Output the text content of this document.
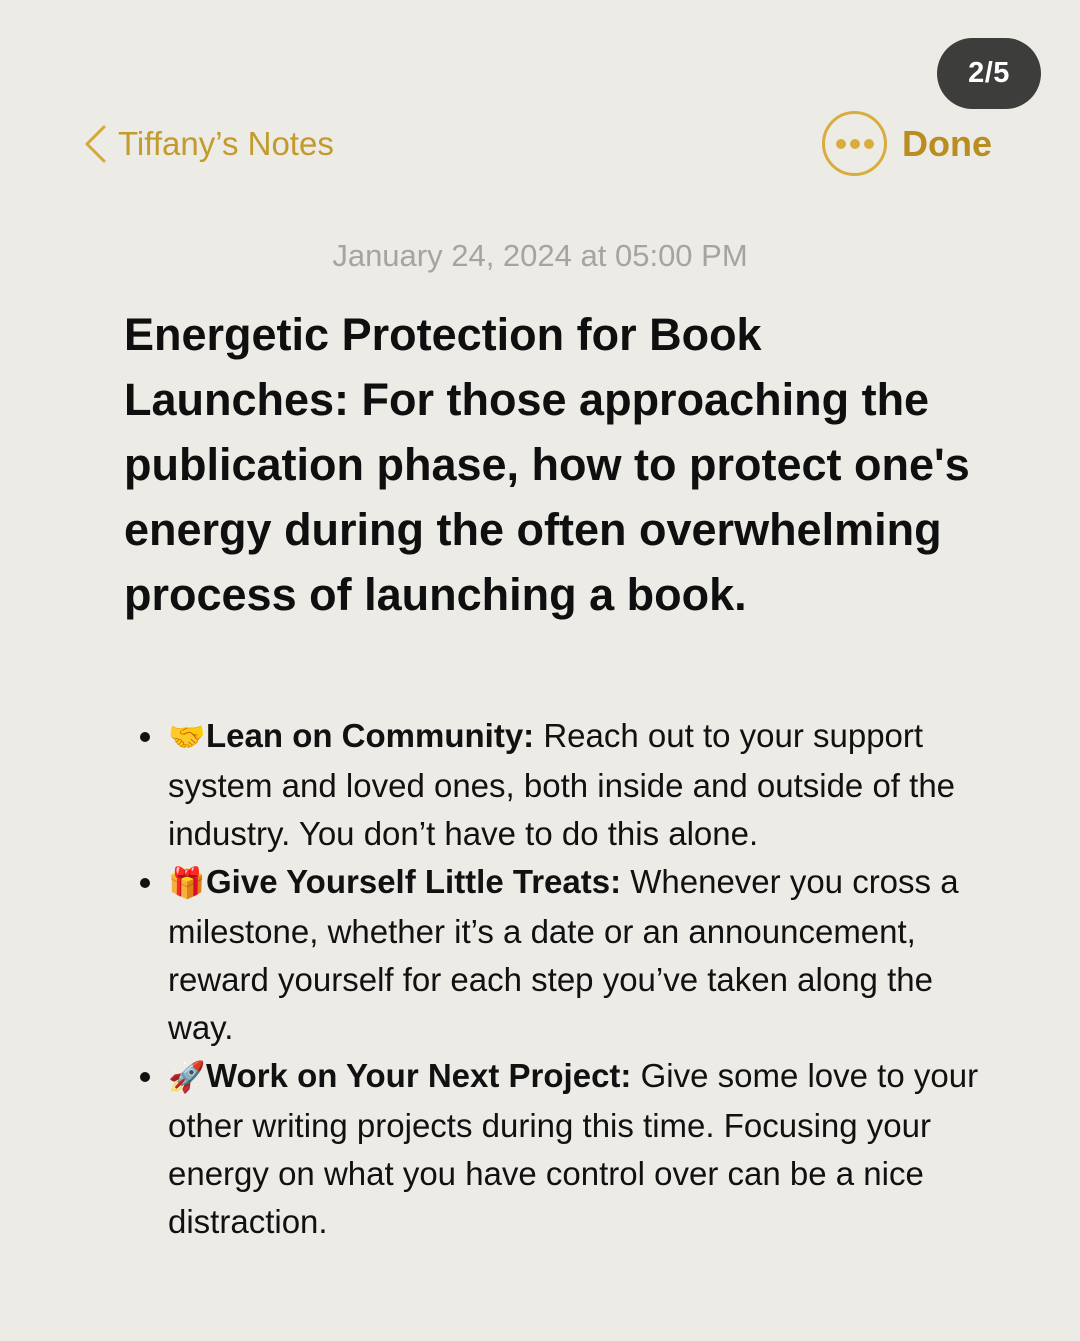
2/5
Tiffany’s Notes	Done
January 24, 2024 at 05:00 PM
Energetic Protection for Book Launches: For those approaching the publication phase, how to protect one's energy during the often overwhelming process of launching a book.
🤝Lean on Community: Reach out to your support system and loved ones, both inside and outside of the industry. You don’t have to do this alone.
🎁Give Yourself Little Treats: Whenever you cross a milestone, whether it’s a date or an announcement, reward yourself for each step you’ve taken along the way.
🚀Work on Your Next Project: Give some love to your other writing projects during this time. Focusing your energy on what you have control over can be a nice distraction.
